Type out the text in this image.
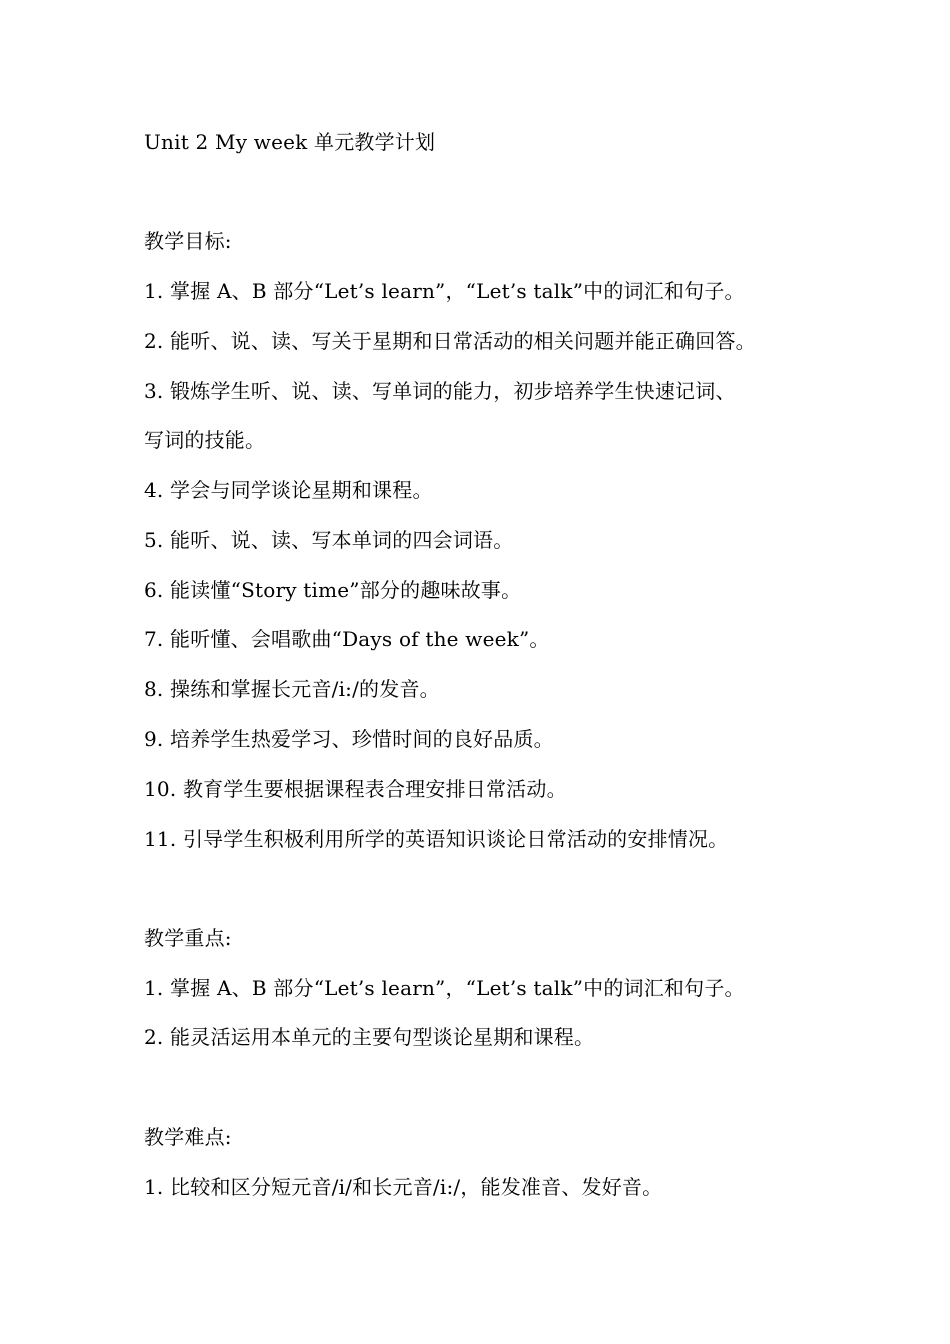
Unit 2 My week 单元教学计划
教学目标:
1. 掌握 A、B 部分“Let’s learn”，“Let’s talk”中的词汇和句子。
2. 能听、说、读、写关于星期和日常活动的相关问题并能正确回答。
3. 锻炼学生听、说、读、写单词的能力，初步培养学生快速记词、
写词的技能。
4. 学会与同学谈论星期和课程。
5. 能听、说、读、写本单词的四会词语。
6. 能读懂“Story time”部分的趣味故事。
7. 能听懂、会唱歌曲“Days of the week”。
8. 操练和掌握长元音/i:/的发音。
9. 培养学生热爱学习、珍惜时间的良好品质。
10. 教育学生要根据课程表合理安排日常活动。
11. 引导学生积极利用所学的英语知识谈论日常活动的安排情况。
教学重点:
1. 掌握 A、B 部分“Let’s learn”，“Let’s talk”中的词汇和句子。
2. 能灵活运用本单元的主要句型谈论星期和课程。
教学难点:
1. 比较和区分短元音/i/和长元音/i:/，能发准音、发好音。
